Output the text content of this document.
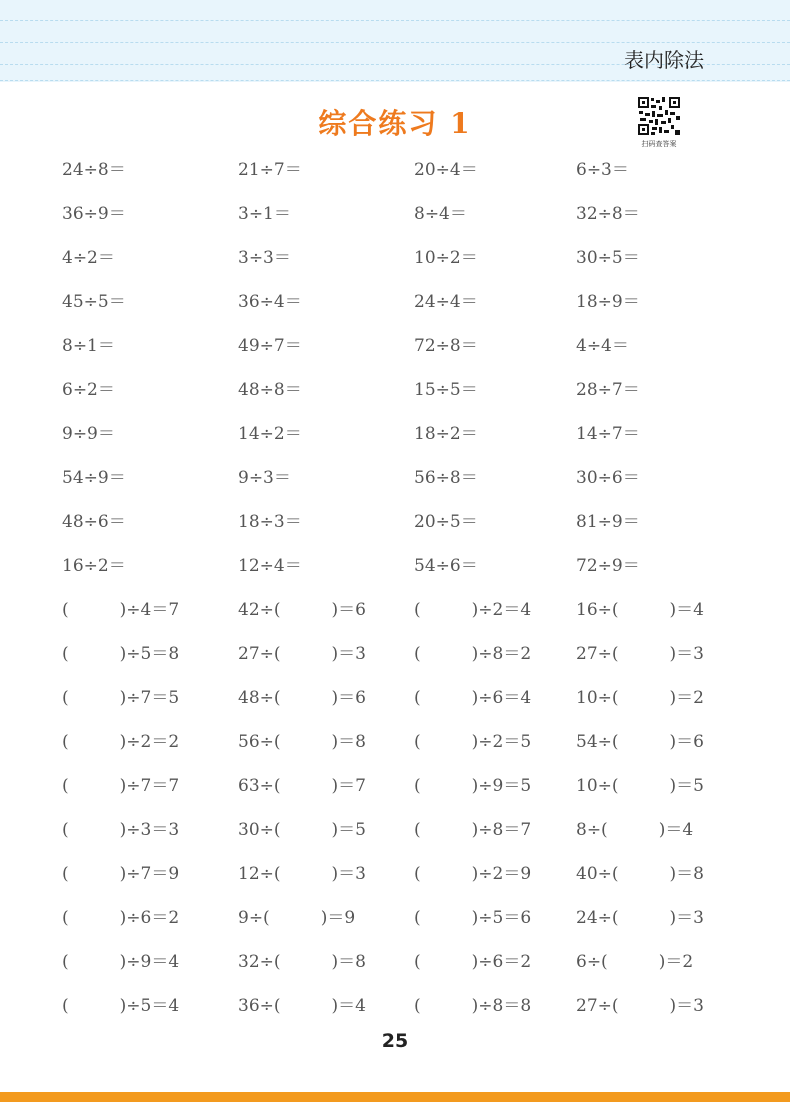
表内除法
综合练习 1
扫码查答案
24÷8＝	21÷7＝	20÷4＝	6÷3＝
36÷9＝	3÷1＝	8÷4＝	32÷8＝
4÷2＝	3÷3＝	10÷2＝	30÷5＝
45÷5＝	36÷4＝	24÷4＝	18÷9＝
8÷1＝	49÷7＝	72÷8＝	4÷4＝
6÷2＝	48÷8＝	15÷5＝	28÷7＝
9÷9＝	14÷2＝	18÷2＝	14÷7＝
54÷9＝	9÷3＝	56÷8＝	30÷6＝
48÷6＝	18÷3＝	20÷5＝	81÷9＝
16÷2＝	12÷4＝	54÷6＝	72÷9＝
(　　　)÷4＝7	42÷(　　　)＝6	(　　　)÷2＝4	16÷(　　　)＝4
(　　　)÷5＝8	27÷(　　　)＝3	(　　　)÷8＝2	27÷(　　　)＝3
(　　　)÷7＝5	48÷(　　　)＝6	(　　　)÷6＝4	10÷(　　　)＝2
(　　　)÷2＝2	56÷(　　　)＝8	(　　　)÷2＝5	54÷(　　　)＝6
(　　　)÷7＝7	63÷(　　　)＝7	(　　　)÷9＝5	10÷(　　　)＝5
(　　　)÷3＝3	30÷(　　　)＝5	(　　　)÷8＝7	8÷(　　　)＝4
(　　　)÷7＝9	12÷(　　　)＝3	(　　　)÷2＝9	40÷(　　　)＝8
(　　　)÷6＝2	9÷(　　　)＝9	(　　　)÷5＝6	24÷(　　　)＝3
(　　　)÷9＝4	32÷(　　　)＝8	(　　　)÷6＝2	6÷(　　　)＝2
(　　　)÷5＝4	36÷(　　　)＝4	(　　　)÷8＝8	27÷(　　　)＝3
25
